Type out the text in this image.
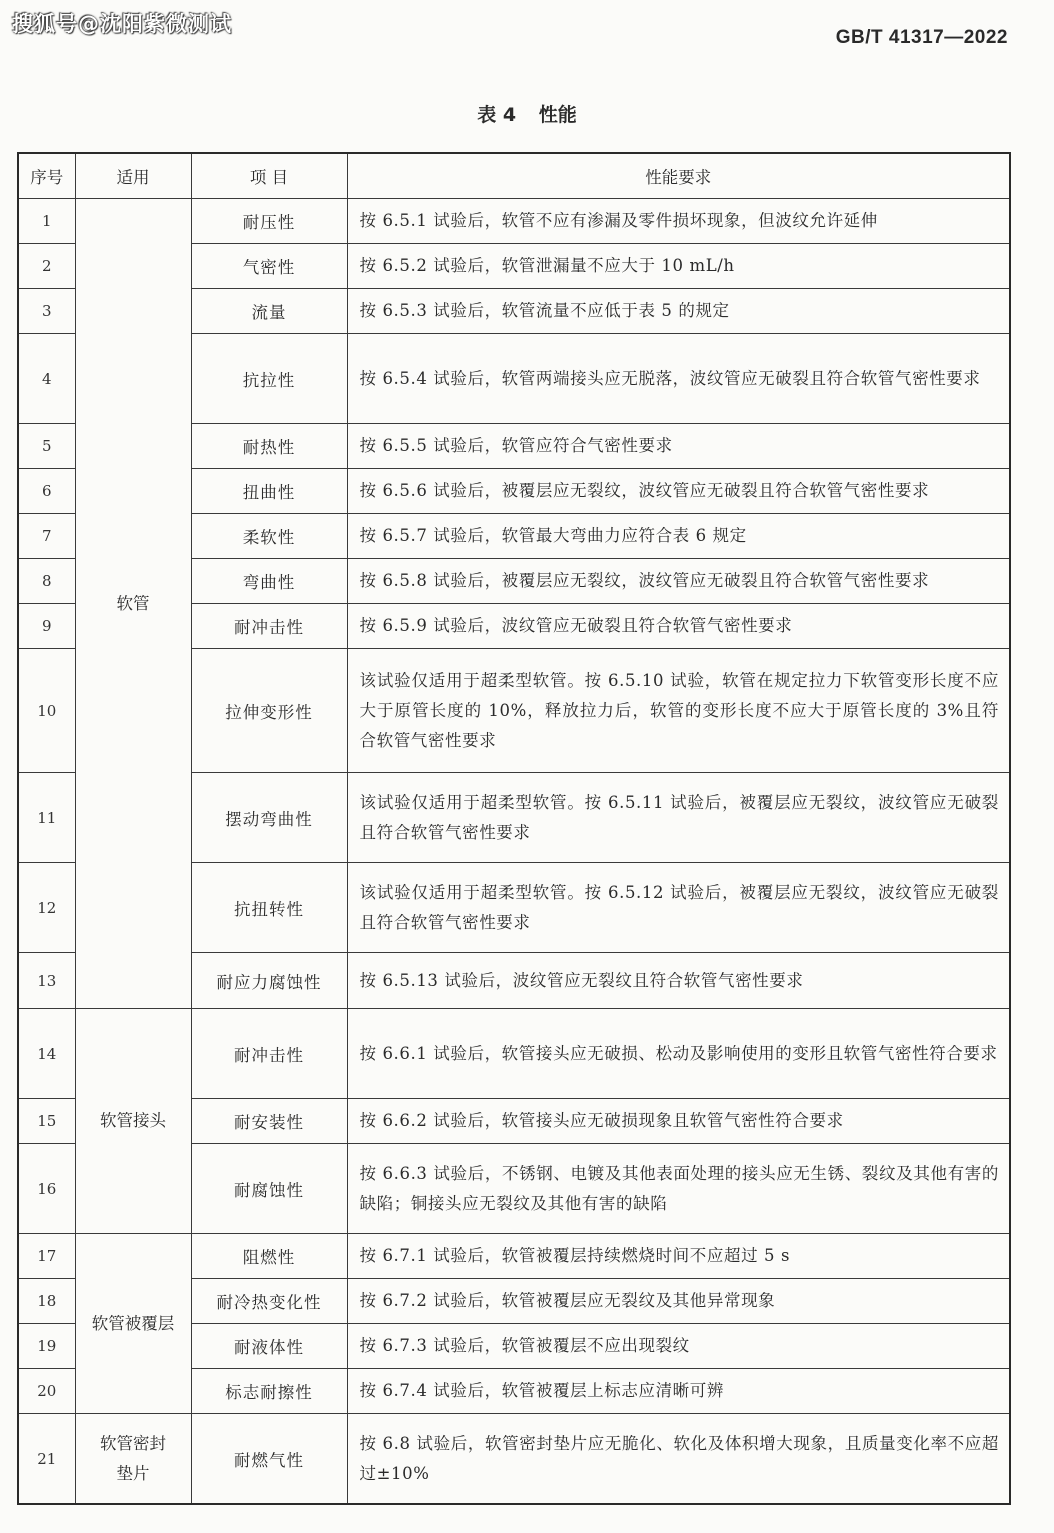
搜狐号@沈阳紫微测试
GB/T 41317—2022
表 4 性能
序号	适用	项 目	性能要求
1	软管	耐压性	按 6.5.1 试验后，软管不应有渗漏及零件损坏现象，但波纹允许延伸
2		气密性	按 6.5.2 试验后，软管泄漏量不应大于 10 mL/h
3		流量	按 6.5.3 试验后，软管流量不应低于表 5 的规定
4		抗拉性	按 6.5.4 试验后，软管两端接头应无脱落，波纹管应无破裂且符合软管气密性要求
5		耐热性	按 6.5.5 试验后，软管应符合气密性要求
6		扭曲性	按 6.5.6 试验后，被覆层应无裂纹，波纹管应无破裂且符合软管气密性要求
7		柔软性	按 6.5.7 试验后，软管最大弯曲力应符合表 6 规定
8		弯曲性	按 6.5.8 试验后，被覆层应无裂纹，波纹管应无破裂且符合软管气密性要求
9		耐冲击性	按 6.5.9 试验后，波纹管应无破裂且符合软管气密性要求
10		拉伸变形性	该试验仅适用于超柔型软管。按 6.5.10 试验，软管在规定拉力下软管变形长度不应大于原管长度的 10%，释放拉力后，软管的变形长度不应大于原管长度的 3%且符合软管气密性要求
11		摆动弯曲性	该试验仅适用于超柔型软管。按 6.5.11 试验后，被覆层应无裂纹，波纹管应无破裂且符合软管气密性要求
12		抗扭转性	该试验仅适用于超柔型软管。按 6.5.12 试验后，被覆层应无裂纹，波纹管应无破裂且符合软管气密性要求
13		耐应力腐蚀性	按 6.5.13 试验后，波纹管应无裂纹且符合软管气密性要求
14	软管接头	耐冲击性	按 6.6.1 试验后，软管接头应无破损、松动及影响使用的变形且软管气密性符合要求
15		耐安装性	按 6.6.2 试验后，软管接头应无破损现象且软管气密性符合要求
16		耐腐蚀性	按 6.6.3 试验后，不锈钢、电镀及其他表面处理的接头应无生锈、裂纹及其他有害的缺陷；铜接头应无裂纹及其他有害的缺陷
17	软管被覆层	阻燃性	按 6.7.1 试验后，软管被覆层持续燃烧时间不应超过 5 s
18		耐冷热变化性	按 6.7.2 试验后，软管被覆层应无裂纹及其他异常现象
19		耐液体性	按 6.7.3 试验后，软管被覆层不应出现裂纹
20		标志耐擦性	按 6.7.4 试验后，软管被覆层上标志应清晰可辨
21	软管密封垫片	耐燃气性	按 6.8 试验后，软管密封垫片应无脆化、软化及体积增大现象，且质量变化率不应超过±10%
